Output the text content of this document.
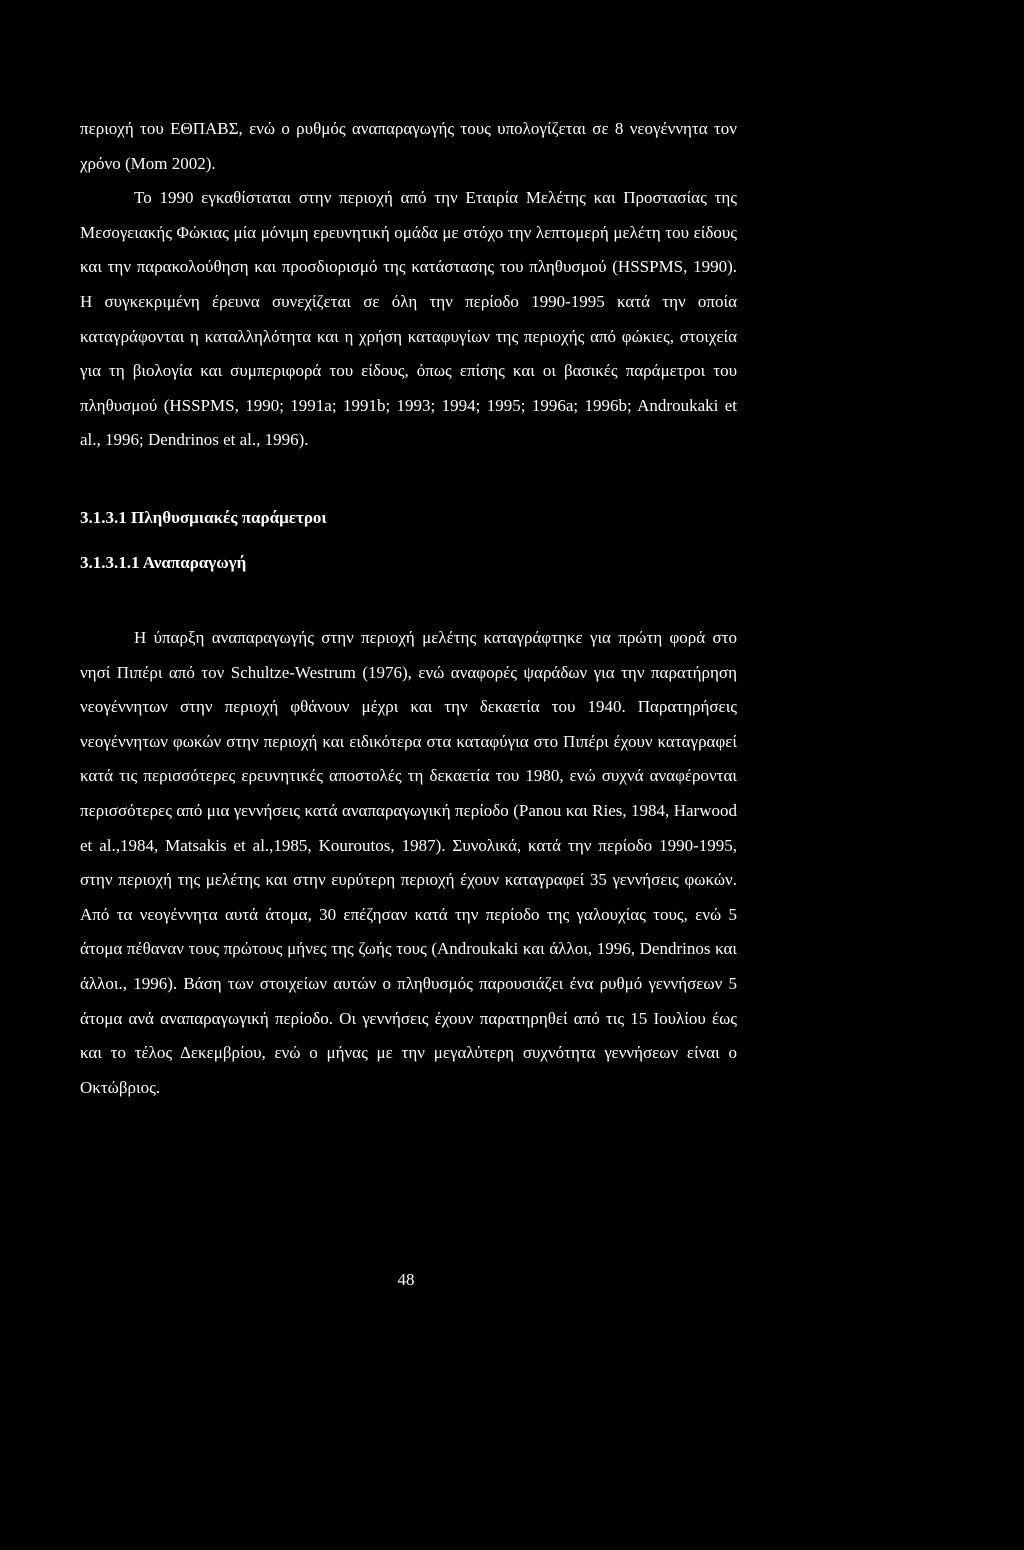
περιοχή του ΕΘΠΑΒΣ, ενώ ο ρυθμός αναπαραγωγής τους υπολογίζεται σε 8 νεογέννητα τον χρόνο (Mom 2002).

Το 1990 εγκαθίσταται στην περιοχή από την Εταιρία Μελέτης και Προστασίας της Μεσογειακής Φώκιας μία μόνιμη ερευνητική ομάδα με στόχο την λεπτομερή μελέτη του είδους και την παρακολούθηση και προσδιορισμό της κατάστασης του πληθυσμού (HSSPMS, 1990). Η συγκεκριμένη έρευνα συνεχίζεται σε όλη την περίοδο 1990-1995 κατά την οποία καταγράφονται η καταλληλότητα και η χρήση καταφυγίων της περιοχής από φώκιες, στοιχεία για τη βιολογία και συμπεριφορά του είδους, όπως επίσης και οι βασικές παράμετροι του πληθυσμού (HSSPMS, 1990; 1991a; 1991b; 1993; 1994; 1995; 1996a; 1996b; Androukaki et al., 1996; Dendrinos et al., 1996).

3.1.3.1 Πληθυσμιακές παράμετροι
3.1.3.1.1 Αναπαραγωγή

Η ύπαρξη αναπαραγωγής στην περιοχή μελέτης καταγράφτηκε για πρώτη φορά στο νησί Πιπέρι από τον Schultze-Westrum (1976), ενώ αναφορές ψαράδων για την παρατήρηση νεογέννητων στην περιοχή φθάνουν μέχρι και την δεκαετία του 1940. Παρατηρήσεις νεογέννητων φωκών στην περιοχή και ειδικότερα στα καταφύγια στο Πιπέρι έχουν καταγραφεί κατά τις περισσότερες ερευνητικές αποστολές τη δεκαετία του 1980, ενώ συχνά αναφέρονται περισσότερες από μια γεννήσεις κατά αναπαραγωγική περίοδο (Panou και Ries, 1984, Harwood et al.,1984, Matsakis et al.,1985, Kouroutos, 1987). Συνολικά, κατά την περίοδο 1990-1995, στην περιοχή της μελέτης και στην ευρύτερη περιοχή έχουν καταγραφεί 35 γεννήσεις φωκών. Από τα νεογέννητα αυτά άτομα, 30 επέζησαν κατά την περίοδο της γαλουχίας τους, ενώ 5 άτομα πέθαναν τους πρώτους μήνες της ζωής τους (Androukaki και άλλοι, 1996, Dendrinos και άλλοι., 1996). Βάση των στοιχείων αυτών ο πληθυσμός παρουσιάζει ένα ρυθμό γεννήσεων 5 άτομα ανά αναπαραγωγική περίοδο. Οι γεννήσεις έχουν παρατηρηθεί από τις 15 Ιουλίου έως και το τέλος Δεκεμβρίου, ενώ ο μήνας με την μεγαλύτερη συχνότητα γεννήσεων είναι ο Οκτώβριος.

48
